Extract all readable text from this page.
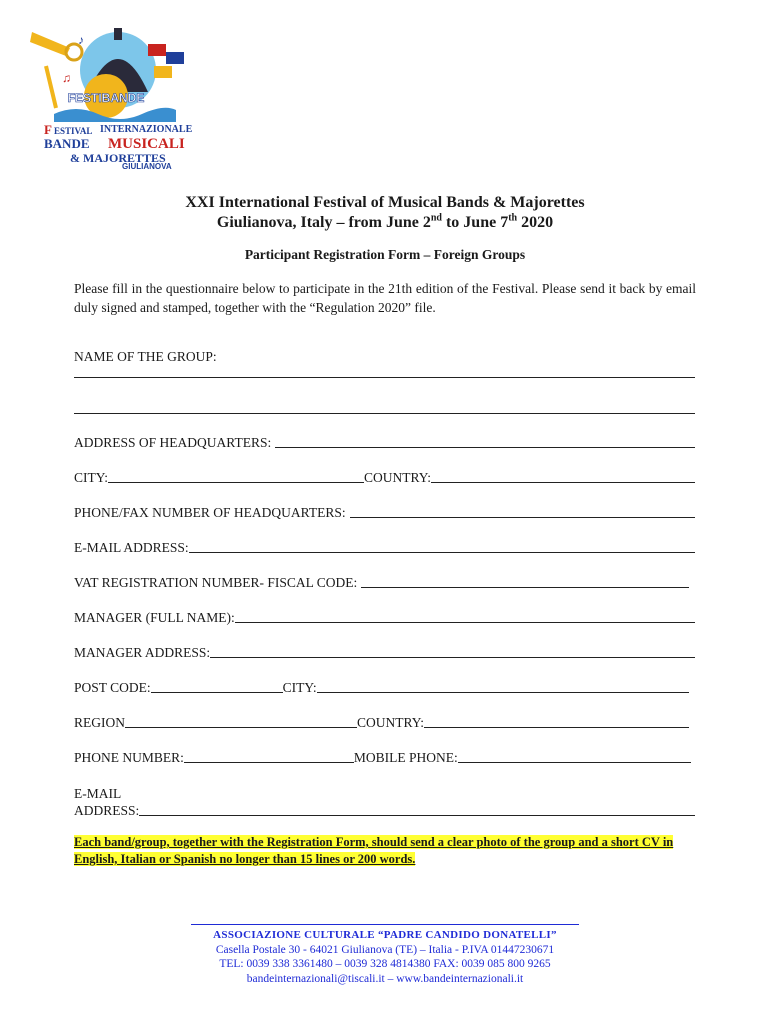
♪
♫
FESTIBANDE
F ESTIVAL INTERNAZIONALE
BANDE MUSICALI
& MAJORETTES
GIULIANOVA
XXI International Festival of Musical Bands & Majorettes
Giulianova, Italy – from June 2nd to June 7th 2020
Participant Registration Form – Foreign Groups
Please fill in the questionnaire below to participate in the 21th edition of the Festival. Please send it back by email duly signed and stamped, together with the “Regulation 2020” file.
NAME OF THE GROUP:
ADDRESS OF HEADQUARTERS:
CITY:	COUNTRY:
PHONE/FAX NUMBER OF HEADQUARTERS:
E-MAIL ADDRESS:
VAT REGISTRATION NUMBER- FISCAL CODE:
MANAGER (FULL NAME):
MANAGER ADDRESS:
POST CODE:	CITY:
REGION	COUNTRY:
PHONE NUMBER:	MOBILE PHONE:
E-MAIL
ADDRESS:
Each band/group, together with the Registration Form, should send a clear photo of the group and a short CV in English, Italian or Spanish no longer than 15 lines or 200 words.
ASSOCIAZIONE CULTURALE “PADRE CANDIDO DONATELLI”
Casella Postale 30 - 64021 Giulianova (TE) – Italia - P.IVA 01447230671
TEL: 0039 338 3361480 – 0039 328 4814380 FAX: 0039 085 800 9265
bandeinternazionali@tiscali.it – www.bandeinternazionali.it
